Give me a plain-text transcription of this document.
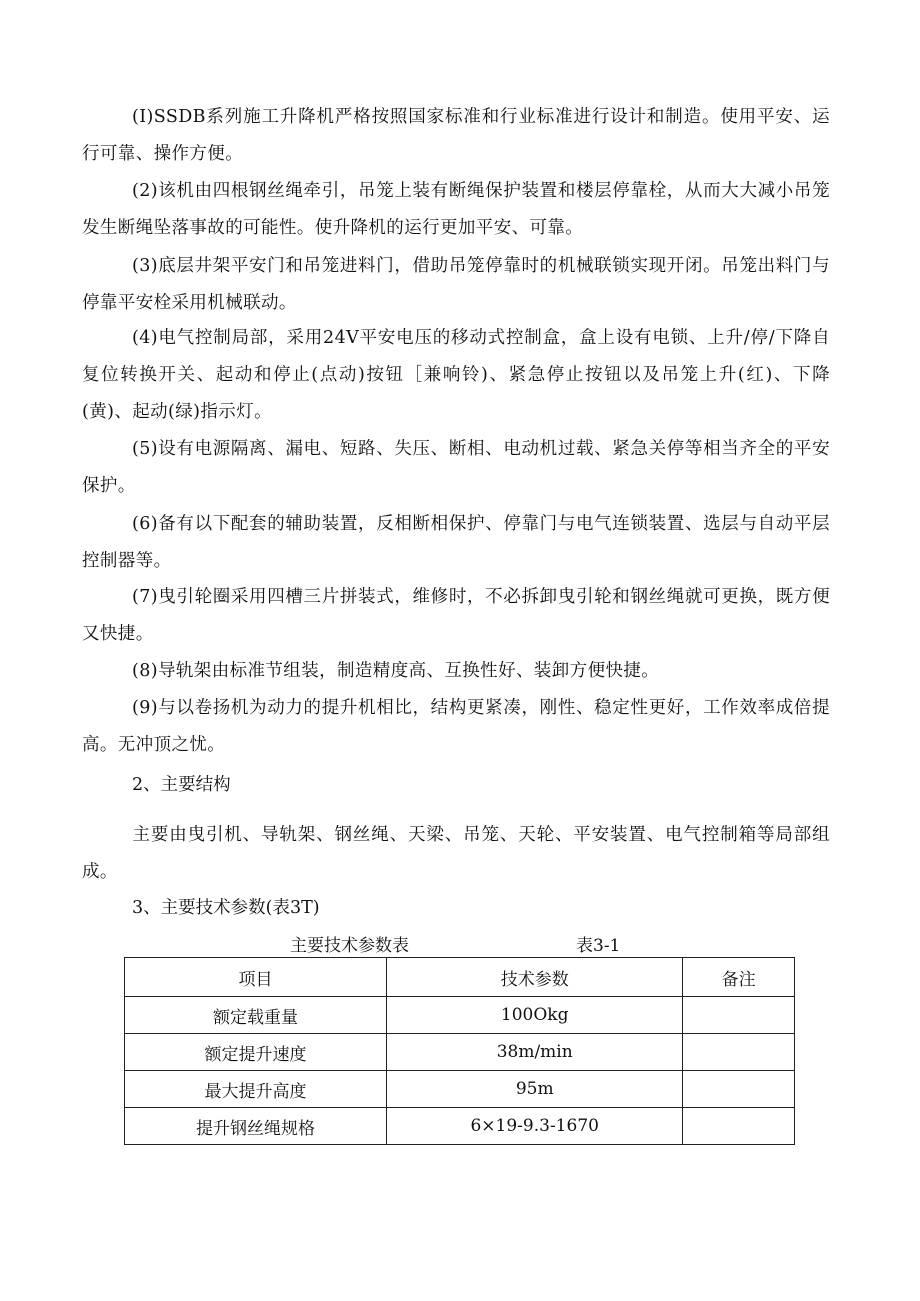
(I)SSDB系列施工升降机严格按照国家标准和行业标准进行设计和制造。使用平安、运行可靠、操作方便。

(2)该机由四根钢丝绳牵引，吊笼上装有断绳保护装置和楼层停靠栓，从而大大减小吊笼发生断绳坠落事故的可能性。使升降机的运行更加平安、可靠。

(3)底层井架平安门和吊笼进料门，借助吊笼停靠时的机械联锁实现开闭。吊笼出料门与停靠平安栓采用机械联动。

(4)电气控制局部，采用24V平安电压的移动式控制盒，盒上设有电锁、上升/停/下降自复位转换开关、起动和停止(点动)按钮［兼响铃)、紧急停止按钮以及吊笼上升(红)、下降(黄)、起动(绿)指示灯。

(5)设有电源隔离、漏电、短路、失压、断相、电动机过载、紧急关停等相当齐全的平安保护。

(6)备有以下配套的辅助装置，反相断相保护、停靠门与电气连锁装置、选层与自动平层控制器等。

(7)曳引轮圈采用四槽三片拼装式，维修时，不必拆卸曳引轮和钢丝绳就可更换，既方便又快捷。

(8)导轨架由标准节组装，制造精度高、互换性好、装卸方便快捷。

(9)与以卷扬机为动力的提升机相比，结构更紧凑，刚性、稳定性更好，工作效率成倍提高。无冲顶之忧。

2、主要结构

主要由曳引机、导轨架、钢丝绳、天梁、吊笼、天轮、平安装置、电气控制箱等局部组成。

3、主要技术参数(表3T)
主要技术参数表	表3-1
项目	技术参数	备注
额定载重量	100Okg	
额定提升速度	38m∕min	
最大提升高度	95m	
提升钢丝绳规格	6×19-9.3-1670	
